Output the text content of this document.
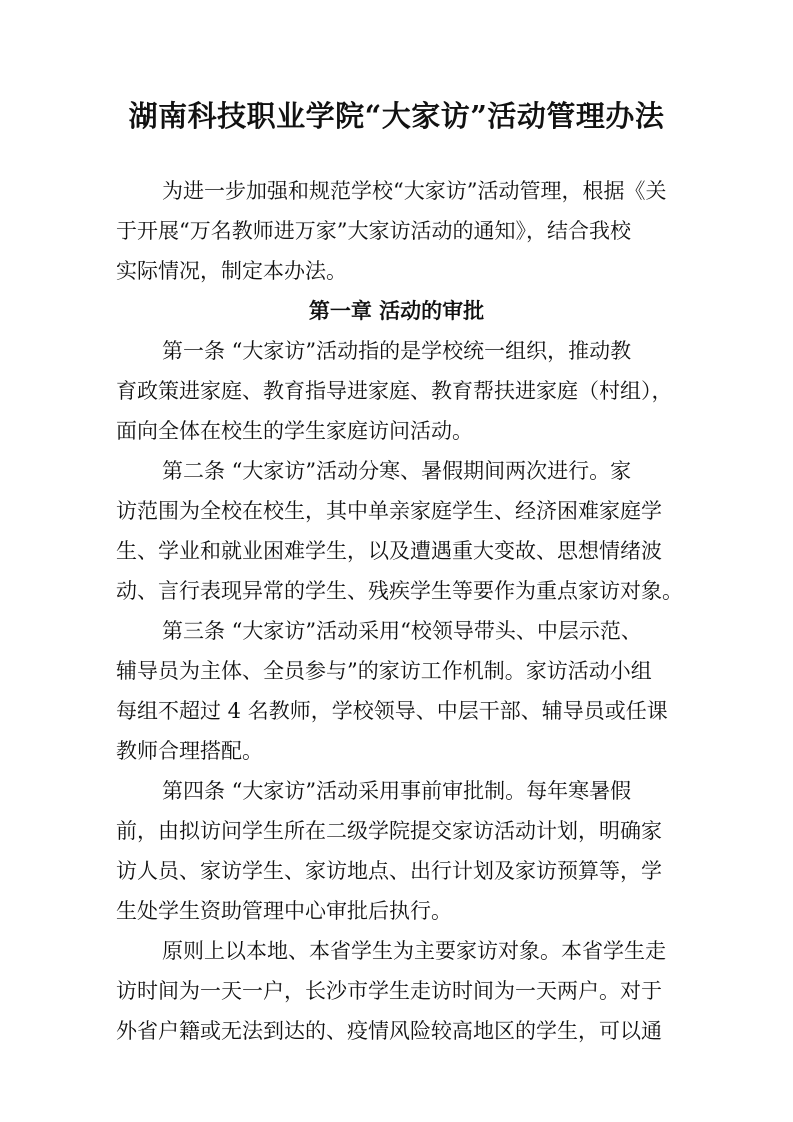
湖南科技职业学院“大家访”活动管理办法
为进一步加强和规范学校“大家访”活动管理，根据《关
于开展“万名教师进万家”大家访活动的通知》，结合我校
实际情况，制定本办法。
第一章 活动的审批
第一条 “大家访”活动指的是学校统一组织，推动教
育政策进家庭、教育指导进家庭、教育帮扶进家庭（村组），
面向全体在校生的学生家庭访问活动。
第二条 “大家访”活动分寒、暑假期间两次进行。家
访范围为全校在校生，其中单亲家庭学生、经济困难家庭学
生、学业和就业困难学生，以及遭遇重大变故、思想情绪波
动、言行表现异常的学生、残疾学生等要作为重点家访对象。
第三条 “大家访”活动采用“校领导带头、中层示范、
辅导员为主体、全员参与”的家访工作机制。家访活动小组
每组不超过 4 名教师，学校领导、中层干部、辅导员或任课
教师合理搭配。
第四条 “大家访”活动采用事前审批制。每年寒暑假
前，由拟访问学生所在二级学院提交家访活动计划，明确家
访人员、家访学生、家访地点、出行计划及家访预算等，学
生处学生资助管理中心审批后执行。
原则上以本地、本省学生为主要家访对象。本省学生走
访时间为一天一户，长沙市学生走访时间为一天两户。对于
外省户籍或无法到达的、疫情风险较高地区的学生，可以通
